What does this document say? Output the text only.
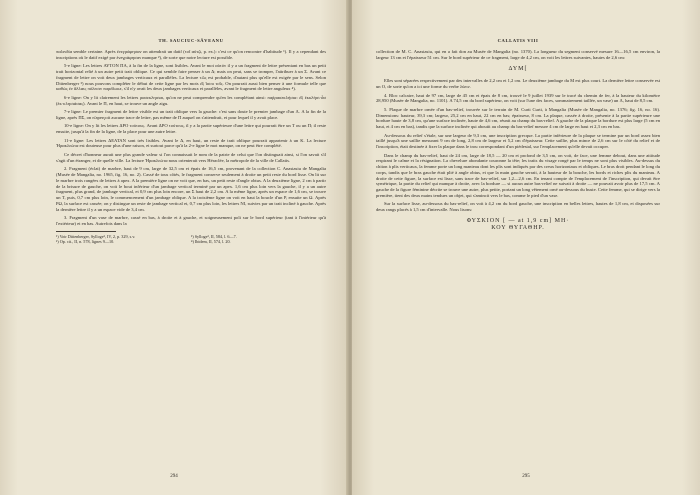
TH. SAUCIUC-SĂVEANU

παλινδία semble certaine. Après ἐνεγράφησαν on attendrait un datif (τοῖ αὐτῷ, p. ex.): c'est ce qu'on rencontre d'habitude ¹). Il y a cependant des inscriptions où le datif exigé par ἐνεγράφησαν manque ²), de sorte que notre lecture est possible.

5-e ligne: Les lettres ΑΥΤΟΝ ΠΑ, à la fin de la ligne, sont lisibles. Avant le mot αὐτόν il y a un fragment de lettre présentant en bas un petit trait horizontal relié à un autre petit trait oblique. Ce qui semble faire penser à un Δ; mais on peut, sans se tromper, l'attribuer à un Σ. Avant ce fragment de lettre on voit deux jambages verticaux et parallèles. La lecture τῶς est probable, d'autant plus qu'elle est exigée par le sens. Selon Dittenberger ³) nous pouvons compléter le début de cette ligne par les mots ἐξ ἴσου τοῖς. On pourrait aussi bien penser à une formule telle que καθὼς ἐν ἄλλαις πόλεσιν παρέδωκε, s'il n'y avait les deux jambages verticaux et parallèles, avant le fragment de lettre anguleux ⁴).

6-e ligne: On y lit clairement les lettres ρασεκλησιαι, qu'on ne peut comprendre qu'en les complétant ainsi: παῤρασεκλήσια: ἐξ ἐκκλήσι·ἆσ (ἐκ·κλησιάσας). Avant le Π, en haut, se trouve un angle aigu.

7-e ligne: Le premier fragment de lettre visible est un trait oblique vers la gauche: c'est sans doute le premier jambage d'un Λ. A la fin de la ligne, après ΠΣ, on n'aperçoit aucune trace de lettre, pas même de Π auquel on s'attendrait, et pour lequel il y avait place.

10-e ligne: On y lit les lettres ΔΡΟ τούτους. Avant ΔΡΟ τούτους, il y a la partie supérieure d'une lettre qui pourrait être un Τ ou un Π; il reste ensuite, jusqu'à la fin de la ligne, de la place pour une autre lettre.

11-e ligne: Les lettres ΔΕΑΤΑΝ sont très lisibles. Avant le Δ, en haut, un reste de trait oblique pourrait appartenir à un Κ. La lecture Ἡρακλεώτα est douteuse pour plus d'une raison, et surtout parce qu'à la 2-e ligne le mot manque, on ne peut être complété.

Ce décret d'honneur aurait une plus grande valeur si l'on connaissait le nom de la patrie de celui que l'on distinguait ainsi, si l'on savait s'il s'agit d'un étranger, et de quelle ville. La lecture Ἡρακλεώτα nous orienterait vers Héraclée, la métropole de la ville de Callatis.

2. Fragment (éclat) de marbre, haut de 9 cm, large de 32,5 cm et épais de 16,5 cm, provenant de la collection C. Anastasiu de Mangalia (Musée de Mangalia, no. 1965, fig. 16, no. 2). Cassé de tous côtés, le fragment conserve seulement à droite un petit reste du bord lisse. On lit sur le marbre trois rangées de lettres à apex. A la première ligne on ne voit que, en bas, un petit reste d'angle obtus. A la deuxième ligne, 2 cm à partir de la brisure de gauche, on voit le bout inférieur d'un jambage vertical terminé par un apex. 1,6 cm plus loin vers la gauche, il y a un autre fragment, plus grand, de jambage vertical, et 0,9 cm plus loin encore, un Σ haut de 2,2 cm. A la même ligne, après un espace de 1,6 cm, se trouve un Τ, puis, 0,7 cm plus loin, le commencement d'un jambage oblique. A la troisième ligne on voit en haut la boucle d'un Ρ, ensuite un Ω. Après ΡΩ, la surface est cassée; on y distingue un reste de jambage vertical et, 0,7 cm plus loin, les lettres ΝΙ, suivies par un trait incliné à gauche. Après la dernière lettre il y a un espace vide de 3,4 cm.

3. Fragment d'un vase de marbre, cassé en bas, à droite et à gauche, et soigneusement poli sur le bord supérieur (tant à l'intérieur qu'à l'extérieur) et en bas. Autrefois dans la

¹) Voir Dittenberger, Sylloge³, IV, 2, p. 329, s.v.	³) Sylloge³, II, 584, l. 6—7.
²) Op. cit., II, n. 578, lignes 9—10.	⁴) Ibidem, II, 574, l. 20.
294
CALLATIS VIII

collection de M. C. Anastasiu, qui en a fait don au Musée de Mangalia (no. 1370). La longueur du segment conservé mesure 16—16,5 cm environ, la largeur 13 cm et l'épaisseur 51 cm. Sur le bord supérieur de ce fragment, large de 4,2 cm, on voit les lettres suivantes, hautes de 2,6 cm:

ΔΥΜ[

Elles sont séparées respectivement par des intervalles de 2,2 cm et 1,2 cm. Le deuxième jambage du Μ est plus court. La dernière lettre conservée est un Ο, de sorte qu'on a ici une forme du verbe λύειν.

4. Bloc calcaire, haut de 97 cm, large de 45 cm et épais de 8 cm, trouvé le 9 juillet 1939 sur le tracé du chemin de fer, à la hauteur du kilomètre 28,950 (Musée de Mangalia, no. 1101). A 74,5 cm du bord supérieur, on voit (sur l'une des faces, sommairement taillée, un vase) un Λ, haut de 8,5 cm.

5. Plaque de marbre ornée d'un bas-relief, trouvée sur le terrain de M. Curti Curti, à Mangalia (Musée de Mangalia, no. 1376; fig. 16, no. 16). Dimensions: hauteur, 39,3 cm; largeur, 25,2 cm en haut, 22 cm en bas; épaisseur, 8 cm. La plaque, cassée à droite, présente à la partie supérieure une bordure haute de 3,8 cm, qu'une surface inclinée, haute de 4,6 cm, réunit au champ du bas-relief. A gauche de la plaque la bordure est plus large (5 cm en haut, et 4 cm en bas), tandis que la surface inclinée qui aboutit au champ du bas-relief mesure 4 cm de large en haut et 2,3 cm en bas.

Au-dessous du relief s'étale, sur une largeur de 9,3 cm, une inscription grecque. La partie inférieure de la plaque se termine par un bord assez bien taillé jusqu'à une saillie mesurant 9 cm de long, 2,8 cm de largeur et 5,2 cm d'épaisseur. Cette saillie, plus mince de 2,6 cm sur le côté du relief et de l'inscription, était destinée à fixer la plaque dans le trou correspondant d'un piédestal, sur l'emplacement qu'elle devait occuper.

Dans le champ du bas-relief, haut de 24 cm, large de 18,5 — 20 cm et profond de 3,5 cm, on voit, de face, une femme debout, dans une attitude respirant le calme et la résignation. La chevelure abondante couronne la tête; les traits du visage rongé par le temps ne sont plus visibles. Au-dessus du chiton à plis verticaux, la femme porte un long manteau dont les plis sont indiqués par des creux horizontaux et obliques. Le bras droit pendant le long du corps, tandis que le bras gauche était plié à angle obtus, et que la main gauche serrait, à la hauteur de la bouche, les bords et riches plis du manteau. A droite de cette figure, la surface est lisse, sans trace de bas-relief, sur 1,2—2,6 cm. En tenant compte de l'emplacement de l'inscription, qui devait être symétrique, la partie du relief qui manque à droite, avec la bordure — si aucun autre bas-relief ne suivait à droite — ne pouvait avoir plus de 17,5 cm. A gauche de la figure féminine décrite se trouve une autre, plus petite, portant un long vêtement orné au-dessous du buste. Cette femme, qui se dirige vers la première, tient des deux mains tendues un objet, qui s'amincit vers le bas, comme le pied d'un vase.

Sur la surface lisse, au-dessous du bas-relief, on voit à 4,2 cm du bord gauche, une inscription en belles lettres, hautes de 1,8 cm, et disposées sur deux rangs placés à 1,5 cm d'intervalle. Nous lisons:

ΦΥΣΚΙΟΝ [ — at 1,9 cm] ΜΗ·

ΚΟΥ ΘΥΓΑΘΗΡ.

295
